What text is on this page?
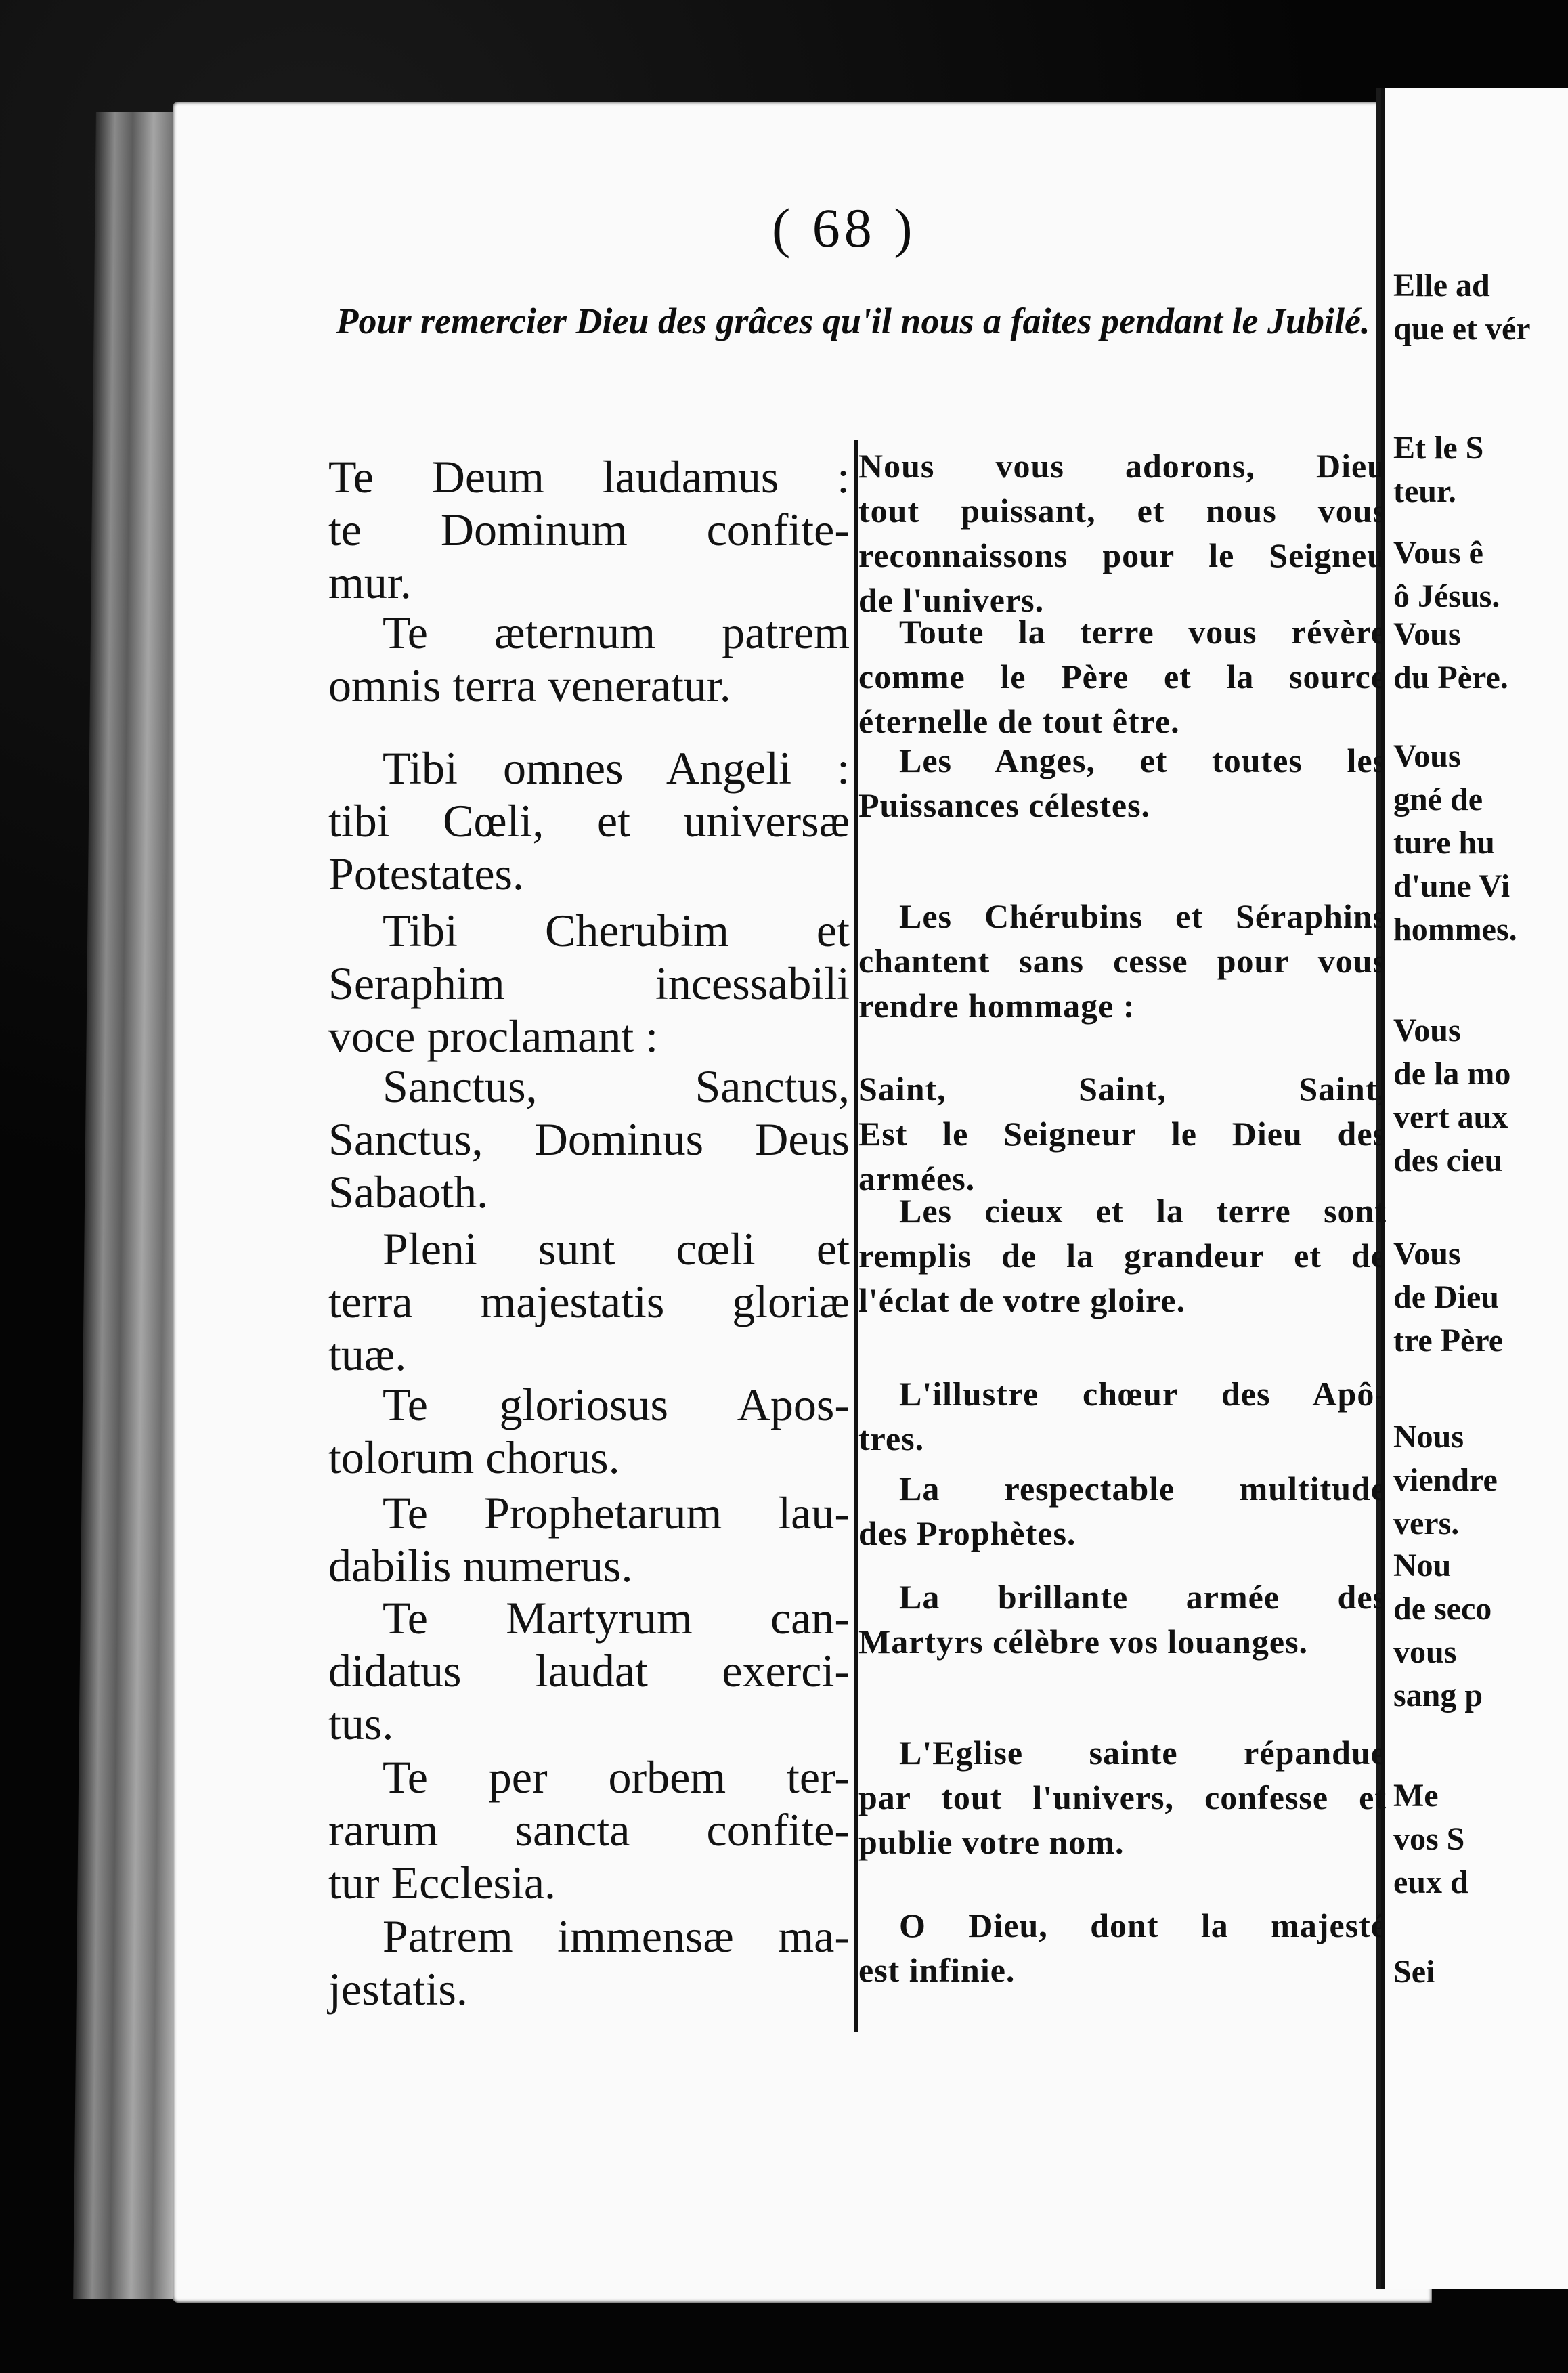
( 68 )
Pour remercier Dieu des grâces qu'il nous a faites pendant le Jubilé.
Te Deum laudamus :
te Dominum confite-
mur.
Te æternum patrem
omnis terra veneratur.
Tibi omnes Angeli :
tibi Cœli, et universæ
Potestates.
Tibi Cherubim et
Seraphim incessabili
voce proclamant :
Sanctus, Sanctus,
Sanctus, Dominus Deus
Sabaoth.
Pleni sunt cœli et
terra majestatis gloriæ
tuæ.
Te gloriosus Apos-
tolorum chorus.
Te Prophetarum lau-
dabilis numerus.
Te Martyrum can-
didatus laudat exerci-
tus.
Te per orbem ter-
rarum sancta confite-
tur Ecclesia.
Patrem immensæ ma-
jestatis.
Nous vous adorons, Dieu
tout puissant, et nous vous
reconnaissons pour le Seigneu
de l'univers.
Toute la terre vous révère
comme le Père et la source
éternelle de tout être.
Les Anges, et toutes les
Puissances célestes.
Les Chérubins et Séraphins
chantent sans cesse pour vous
rendre hommage :
Saint, Saint, Saint,
Est le Seigneur le Dieu des
armées.
Les cieux et la terre sont
remplis de la grandeur et de
l'éclat de votre gloire.
L'illustre chœur des Apô-
tres.
La respectable multitude
des Prophètes.
La brillante armée des
Martyrs célèbre vos louanges.
L'Eglise sainte répandue
par tout l'univers, confesse et
publie votre nom.
O Dieu, dont la majesté
est infinie.
Elle ad
que et vér
Et le S
teur.
Vous ê
ô Jésus.
Vous
du Père.
Vous
gné de
ture hu
d'une Vi
hommes.
Vous
de la mo
vert aux
des cieu
Vous
de Dieu
tre Père
Nous
viendre
vers.
Nou
de seco
vous
sang p
Me
vos S
eux d
Sei
